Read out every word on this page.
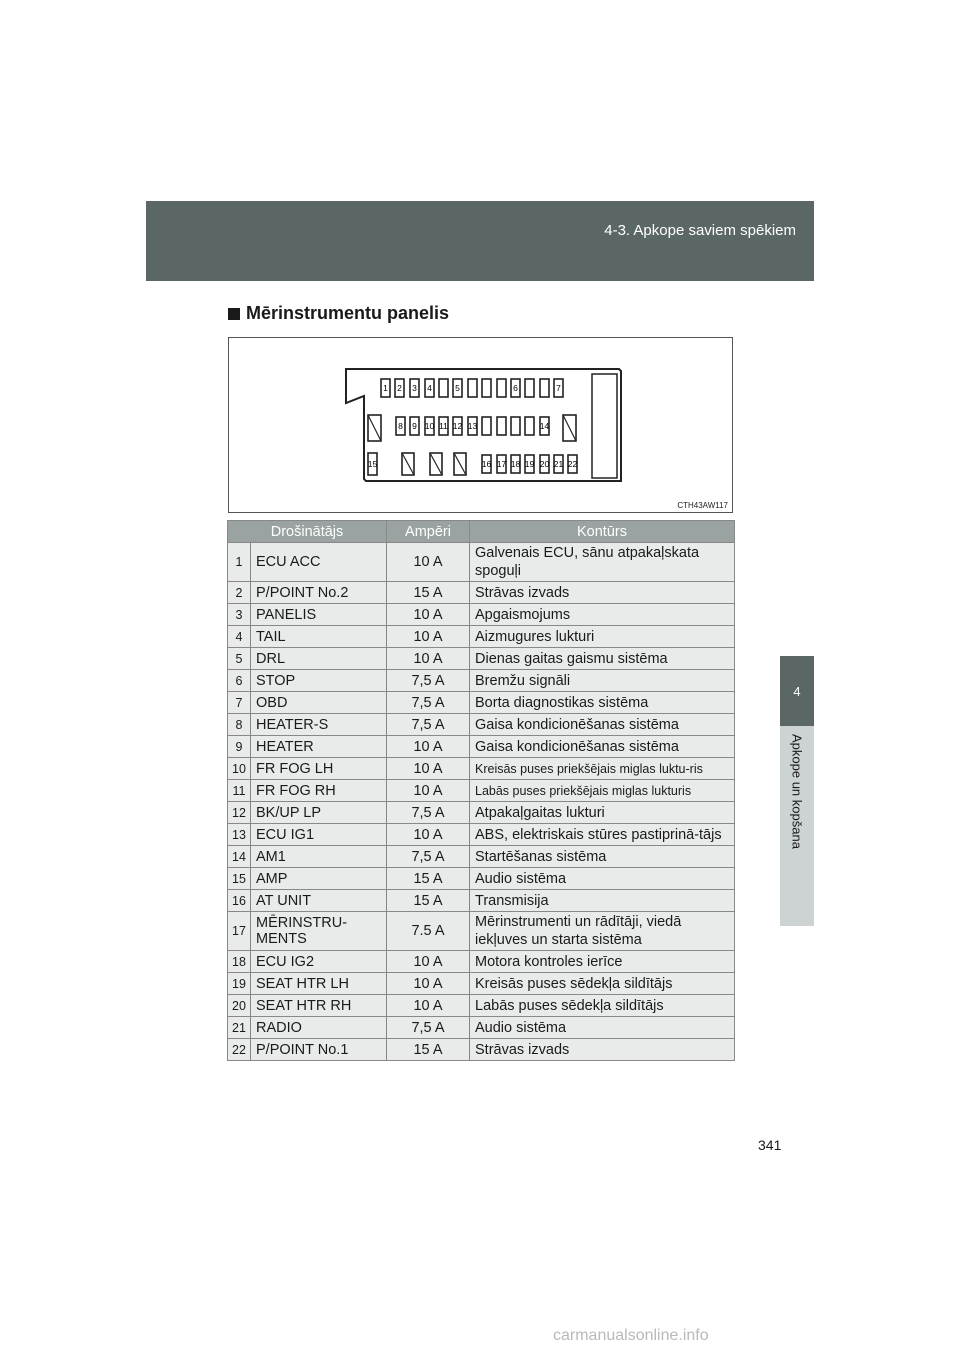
4-3. Apkope saviem spēkiem
4
Apkope un kopšana
Mērinstrumentu panelis
1 2 3 4	5	6	7
8 9 10 11 12 13	14
15	16 17 18 19 20 21 22
CTH43AW117
Drošinātājs		Ampēri	Kontūrs
1	ECU ACC	10 A	Galvenais ECU, sānu atpakaļskata spoguļi
2	P/POINT No.2	15 A	Strāvas izvads
3	PANELIS	10 A	Apgaismojums
4	TAIL	10 A	Aizmugures lukturi
5	DRL	10 A	Dienas gaitas gaismu sistēma
6	STOP	7,5 A	Bremžu signāli
7	OBD	7,5 A	Borta diagnostikas sistēma
8	HEATER-S	7,5 A	Gaisa kondicionēšanas sistēma
9	HEATER	10 A	Gaisa kondicionēšanas sistēma
10	FR FOG LH	10 A	Kreisās puses priekšējais miglas luktu-ris
11	FR FOG RH	10 A	Labās puses priekšējais miglas lukturis
12	BK/UP LP	7,5 A	Atpakaļgaitas lukturi
13	ECU IG1	10 A	ABS, elektriskais stūres pastiprinā-tājs
14	AM1	7,5 A	Startēšanas sistēma
15	AMP	15 A	Audio sistēma
16	AT UNIT	15 A	Transmisija
17	MĒRINSTRU-MENTS	7.5 A	Mērinstrumenti un rādītāji, viedā iekļuves un starta sistēma
18	ECU IG2	10 A	Motora kontroles ierīce
19	SEAT HTR LH	10 A	Kreisās puses sēdekļa sildītājs
20	SEAT HTR RH	10 A	Labās puses sēdekļa sildītājs
21	RADIO	7,5 A	Audio sistēma
22	P/POINT No.1	15 A	Strāvas izvads
341
carmanualsonline.info
